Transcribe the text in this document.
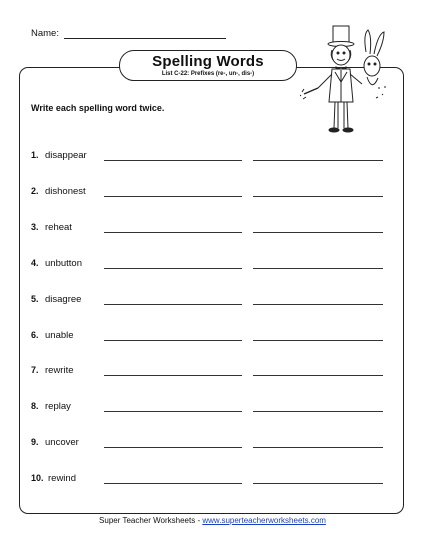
Name:
Spelling Words
List C-22: Prefixes (re-, un-, dis-)
Write each spelling word twice.
1. disappear
2. dishonest
3. reheat
4. unbutton
5. disagree
6. unable
7. rewrite
8. replay
9. uncover
10. rewind
Super Teacher Worksheets - www.superteacherworksheets.com
